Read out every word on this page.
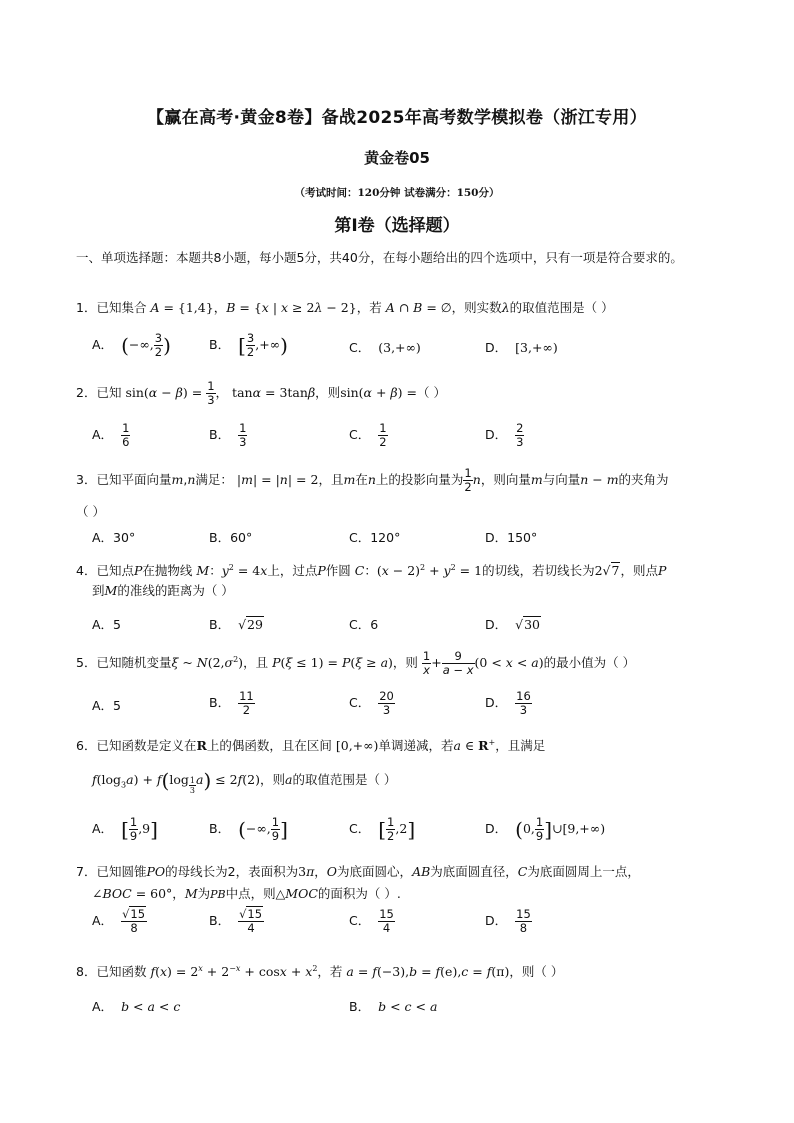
【赢在高考·黄金8卷】备战2025年高考数学模拟卷（浙江专用）
黄金卷05
（考试时间：120分钟 试卷满分：150分）
第I卷（选择题）
一、单项选择题：本题共8小题，每小题5分，共40分，在每小题给出的四个选项中，只有一项是符合要求的。
1．已知集合 A = {1,4}，B = {x | x ≥ 2λ − 2}，若 A ∩ B = ∅，则实数λ的取值范围是（ ）
A． (−∞, $\frac{3}{2}$ )	B． [ $\frac{3}{2}$ ,+∞)	C． (3,+∞)	D． [3,+∞)
2．已知 $\sin(\alpha - \beta) = \frac{1}{3}$ ， tanα = 3tanβ，则sin(α + β) =（ ）
A． $\frac{1}{6}$	B． $\frac{1}{3}$	C． $\frac{1}{2}$	D． $\frac{2}{3}$
3．已知平面向量m,n满足： |m| = |n| = 2，且m在n上的投影向量为 $\frac{1}{2}$ n，则向量m与向量n − m的夹角为
（ ）
A．30°	B．60°	C．120°	D．150°
4．已知点P在抛物线 M：$y^2 = 4x$上，过点P作圆 C：$(x - 2)^2 + y^2 = 1$的切线，若切线长为2√7，则点P
到M的准线的距离为（ ）
A．5	B． √29	C．6	D． √30
5．已知随机变量ξ ~ $N(2,\sigma^2)$，且 P(ξ ≤ 1) = P(ξ ≥ a)，则 $\frac{1}{x} + \frac{9}{a - x} (0 < x < a)$的最小值为（ ）
A．5	B． $\frac{11}{2}$	C． $\frac{20}{3}$	D． $\frac{16}{3}$
6．已知函数是定义在R上的偶函数，且在区间 [0,+∞)单调递减，若a ∈ R+，且满足
$f(\log_3a) + f(\log$ $_{\frac{1}{3}}$ a) ≤ 2f(2)，则a的取值范围是（ ）
A． [ $\frac{1}{9} ,9$]	B． (−∞, $\frac{1}{9}$ ]	C． [ $\frac{1}{2} ,2$]	D． (0, $\frac{1}{9}$ ]∪[9,+∞)
7．已知圆锥PO的母线长为2，表面积为3π，O为底面圆心，AB为底面圆直径，C为底面圆周上一点，
∠BOC = 60°，M为PB中点，则△MOC的面积为（ ）.
A． $\frac{√15}{8}$	B． $\frac{√15}{4}$	C． $\frac{15}{4}$	D． $\frac{15}{8}$
8．已知函数 $f(x) = 2^x + 2^{-x} + \cos x + x^2$，若 a = f(−3),b = f(e),c = f(π)，则（ ）
A． b < a < c	B． b < c < a
